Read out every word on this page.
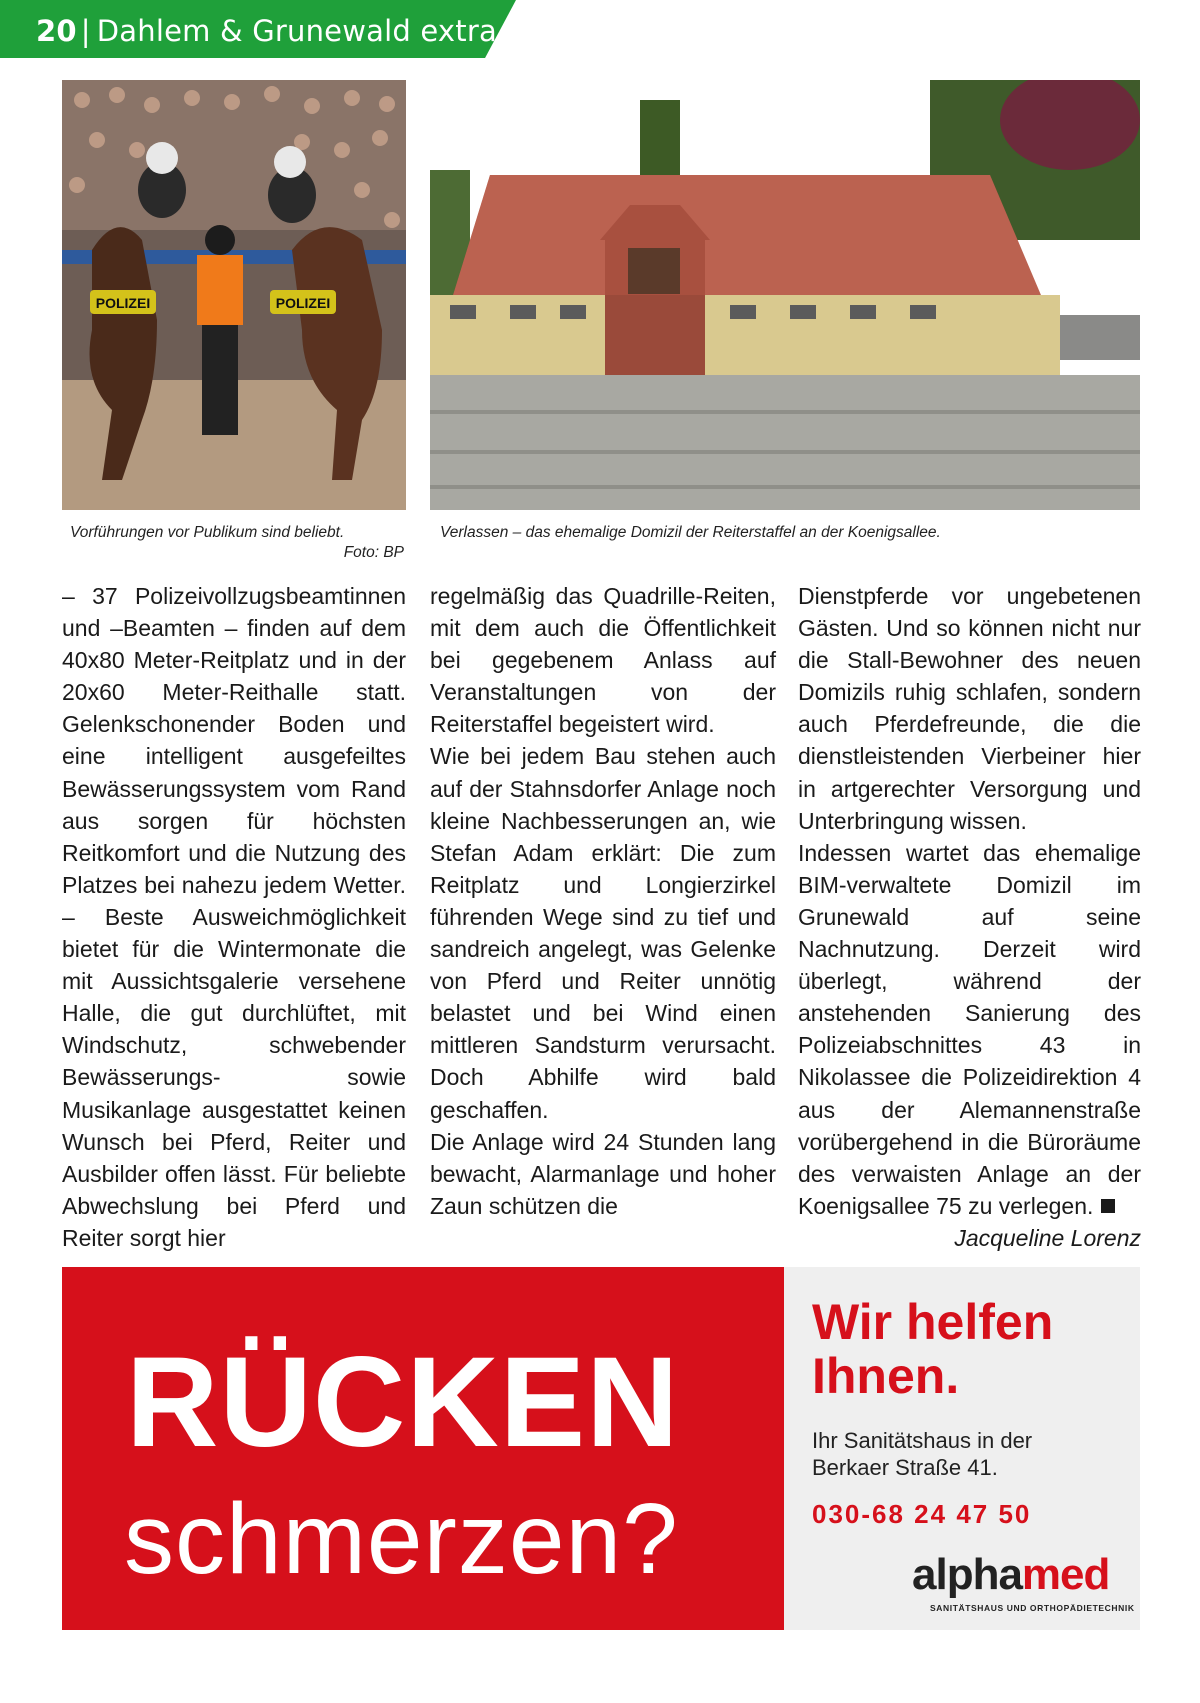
20 | Dahlem & Grunewald extra
POLIZEI	POLIZEI
Vorführungen vor Publikum sind beliebt.
Foto: BP
Verlassen – das ehemalige Domizil der Reiterstaffel an der Koenigsallee.

– 37 Polizeivollzugsbeamtinnen und –Beamten – finden auf dem 40x80 Meter-Reitplatz und in der 20x60 Meter-Reithalle statt. Gelenkschonender Boden und eine intelligent ausgefeiltes Bewässerungssystem vom Rand aus sorgen für höchsten Reitkomfort und die Nutzung des Platzes bei nahezu jedem Wetter. – Beste Ausweichmöglichkeit bietet für die Wintermonate die mit Aussichtsgalerie versehene Halle, die gut durchlüftet, mit Windschutz, schwebender Bewässerungs- sowie Musikanlage ausgestattet keinen Wunsch bei Pferd, Reiter und Ausbilder offen lässt. Für beliebte Abwechslung bei Pferd und Reiter sorgt hier

regelmäßig das Quadrille-Reiten, mit dem auch die Öffentlichkeit bei gegebenem Anlass auf Veranstaltungen von der Reiterstaffel begeistert wird.

Wie bei jedem Bau stehen auch auf der Stahnsdorfer Anlage noch kleine Nachbesserungen an, wie Stefan Adam erklärt: Die zum Reitplatz und Longierzirkel führenden Wege sind zu tief und sandreich angelegt, was Gelenke von Pferd und Reiter unnötig belastet und bei Wind einen mittleren Sandsturm verursacht. Doch Abhilfe wird bald geschaffen.

Die Anlage wird 24 Stunden lang bewacht, Alarmanlage und hoher Zaun schützen die

Dienstpferde vor ungebetenen Gästen. Und so können nicht nur die Stall-Bewohner des neuen Domizils ruhig schlafen, sondern auch Pferdefreunde, die die dienstleistenden Vierbeiner hier in artgerechter Versorgung und Unterbringung wissen.

Indessen wartet das ehemalige BIM-verwaltete Domizil im Grunewald auf seine Nachnutzung. Derzeit wird überlegt, während der anstehenden Sanierung des Polizeiabschnittes 43 in Nikolassee die Polizeidirektion 4 aus der Alemannenstraße vorübergehend in die Büroräume des verwaisten Anlage an der Koenigsallee 75 zu verlegen.

Jacqueline Lorenz
RÜCKEN
schmerzen?
Wir helfen
Ihnen.
Ihr Sanitätshaus in der
Berkaer Straße 41.
030-68 24 47 50
alphamed
SANITÄTSHAUS UND ORTHOPÄDIETECHNIK
